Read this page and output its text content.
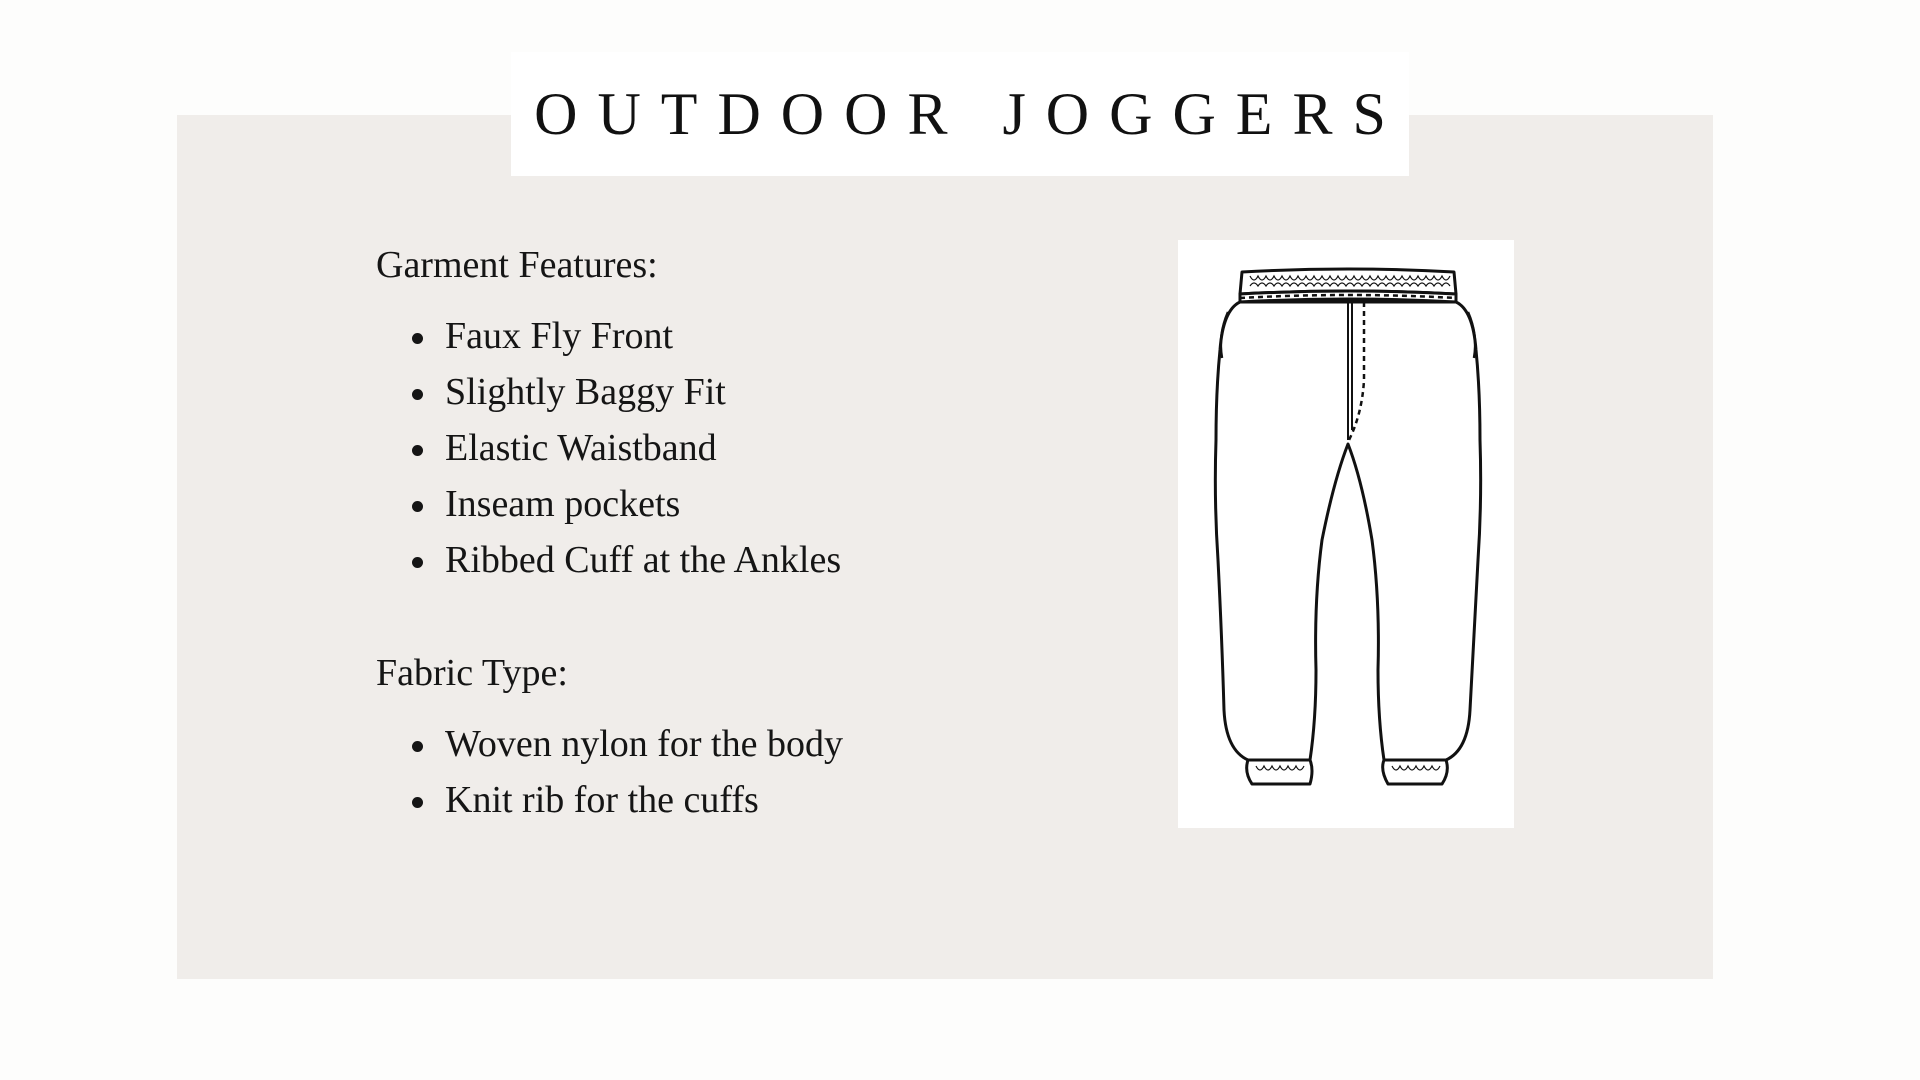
OUTDOOR JOGGERS
Garment Features:
Faux Fly Front
Slightly Baggy Fit
Elastic Waistband
Inseam pockets
Ribbed Cuff at the Ankles
Fabric Type:
Woven nylon for the body
Knit rib for the cuffs
